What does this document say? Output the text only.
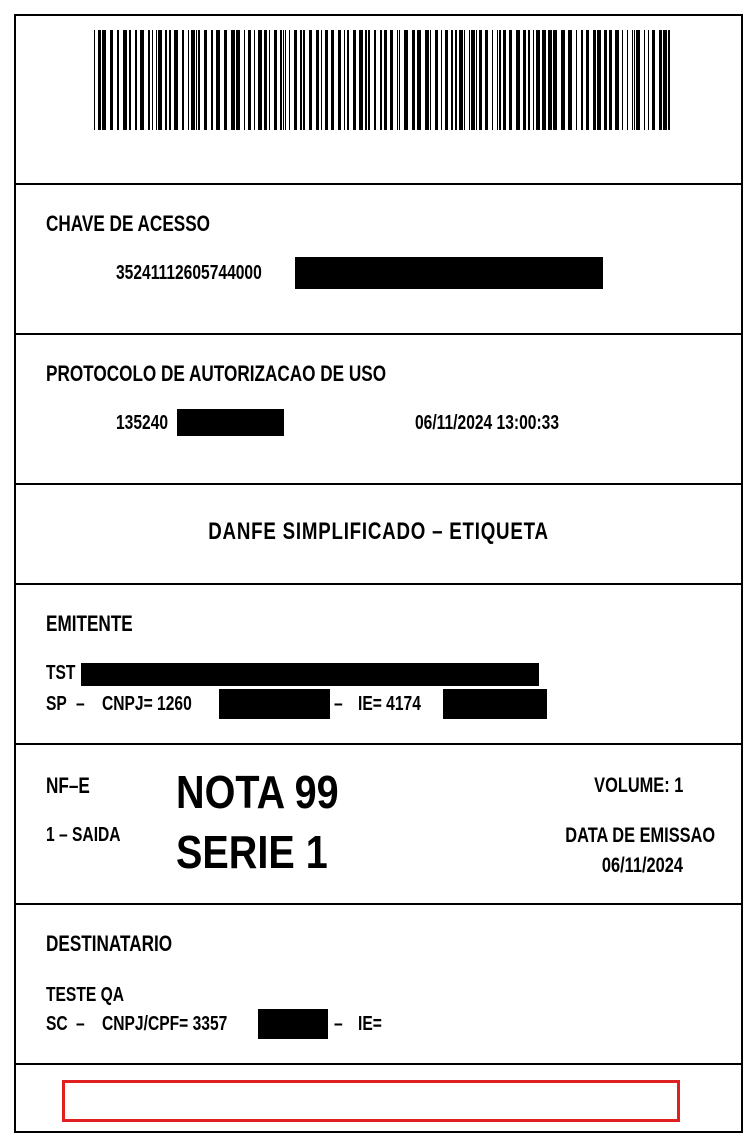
CHAVE DE ACESSO
35241112605744000
PROTOCOLO DE AUTORIZACAO DE USO
135240	06/11/2024 13:00:33
DANFE SIMPLIFICADO – ETIQUETA
EMITENTE
TST
SP – CNPJ= 1260	– IE= 4174
NF–E
1 – SAIDA
NOTA 99
SERIE 1
VOLUME: 1
DATA DE EMISSAO
06/11/2024
DESTINATARIO
TESTE QA
SC – CNPJ/CPF= 3357	– IE=
